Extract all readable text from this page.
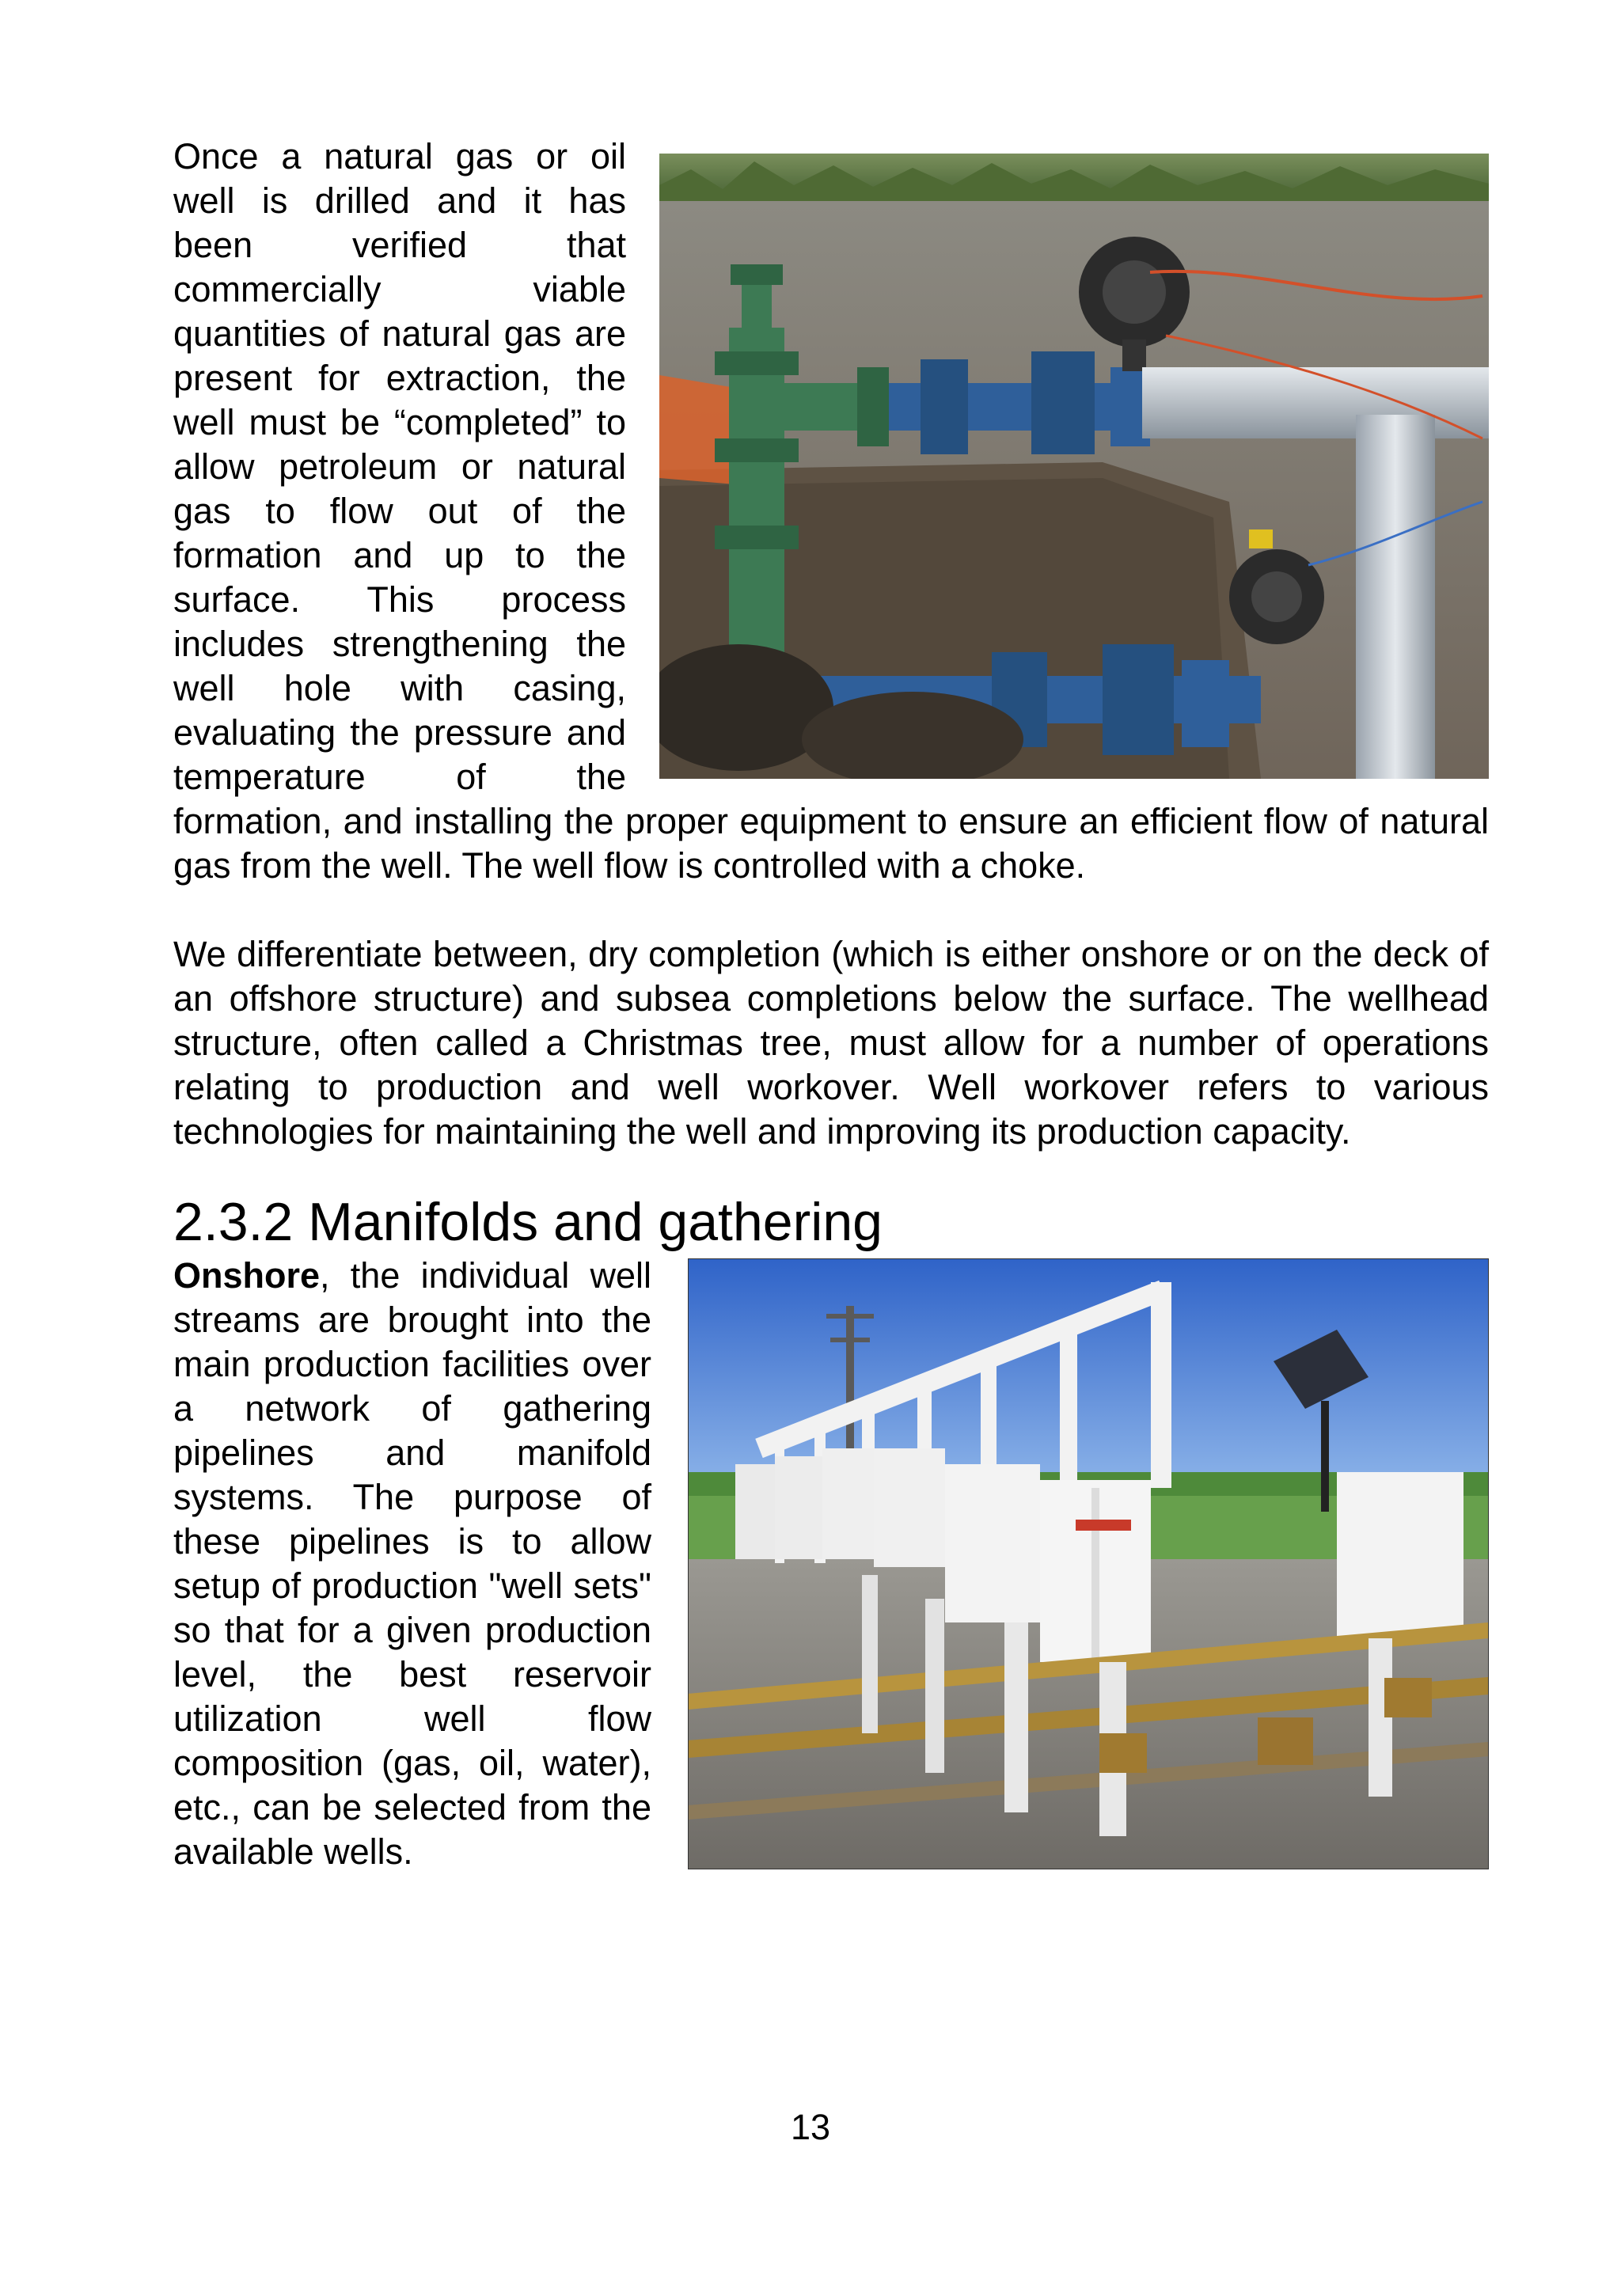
Once a natural gas or oil well is drilled and it has been verified that commercially viable quantities of natural gas are present for extraction, the well must be “completed” to allow petroleum or natural gas to flow out of the formation and up to the surface. This process includes strengthening the well hole with casing, evaluating the pressure and temperature of the formation, and installing the proper equipment to ensure an efficient flow of natural gas from the well. The well flow is controlled with a choke.

We differentiate between, dry completion (which is either onshore or on the deck of an offshore structure) and subsea completions below the surface. The wellhead structure, often called a Christmas tree, must allow for a number of operations relating to production and well workover. Well workover refers to various technologies for maintaining the well and improving its production capacity.

2.3.2 Manifolds and gathering

Onshore, the individual well streams are brought into the main production facilities over a network of gathering pipelines and manifold systems. The purpose of these pipelines is to allow setup of production "well sets" so that for a given production level, the best reservoir utilization well flow composition (gas, oil, water), etc., can be selected from the available wells.

13
